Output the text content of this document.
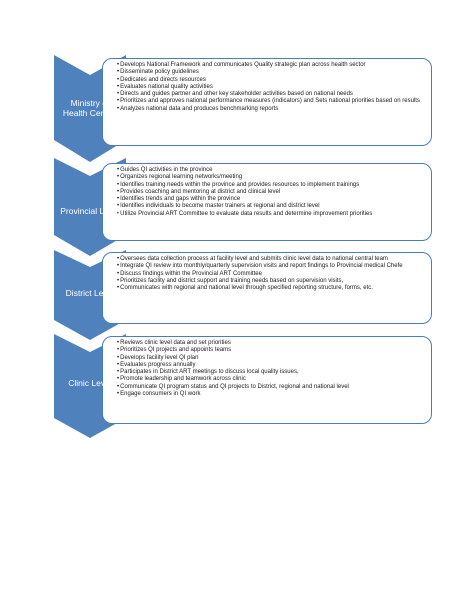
• Develops National Framework and communicates Quality strategic plan across health sector
• Disseminate policy guidelines
• Dedicates and directs resources
• Evaluates national quality activities
• Directs and guides partner and other key stakeholder activities based on national needs
• Prioritizes and approves national performance measures (indicators) and Sets national priorities based on results
• Analyzes national data and produces benchmarking reports
Ministry of
Health Central
• Guides QI activities in the province
• Organizes regional learning networks/meeting
• Identifies training needs within the province and provides resources to implement trainings
• Provides coaching and mentoring at district and clinical level
• Identifies trends and gaps within the province
• Identifies individuals to become master trainers at regional and district level
• Utilize Provincial ART Committee to evaluate data results and determine improvement priorities
Provincial Level
• Oversees data collection process at facility level and submits clinic level data to national central team
• Integrate QI review into monthly/quarterly supervision visits and report findings to Provincial medical Chefe
• Discuss findings within the Provincial ART Committee
• Prioritizes facility and district support and training needs based on supervision visits,
• Communicates with regional and national level through specified reporting structure, forms, etc.
District Level
• Reviews clinic level data and set priorities
• Prioritizes QI projects and appoints teams
• Develops facility level QI plan
• Evaluates progress annually
• Participates in District ART meetings to discuss local quality issues,
• Promote leadership and teamwork across clinic
• Communicate QI program status and QI projects to District, regional and national level
• Engage consumers in QI work
Clinic Level
